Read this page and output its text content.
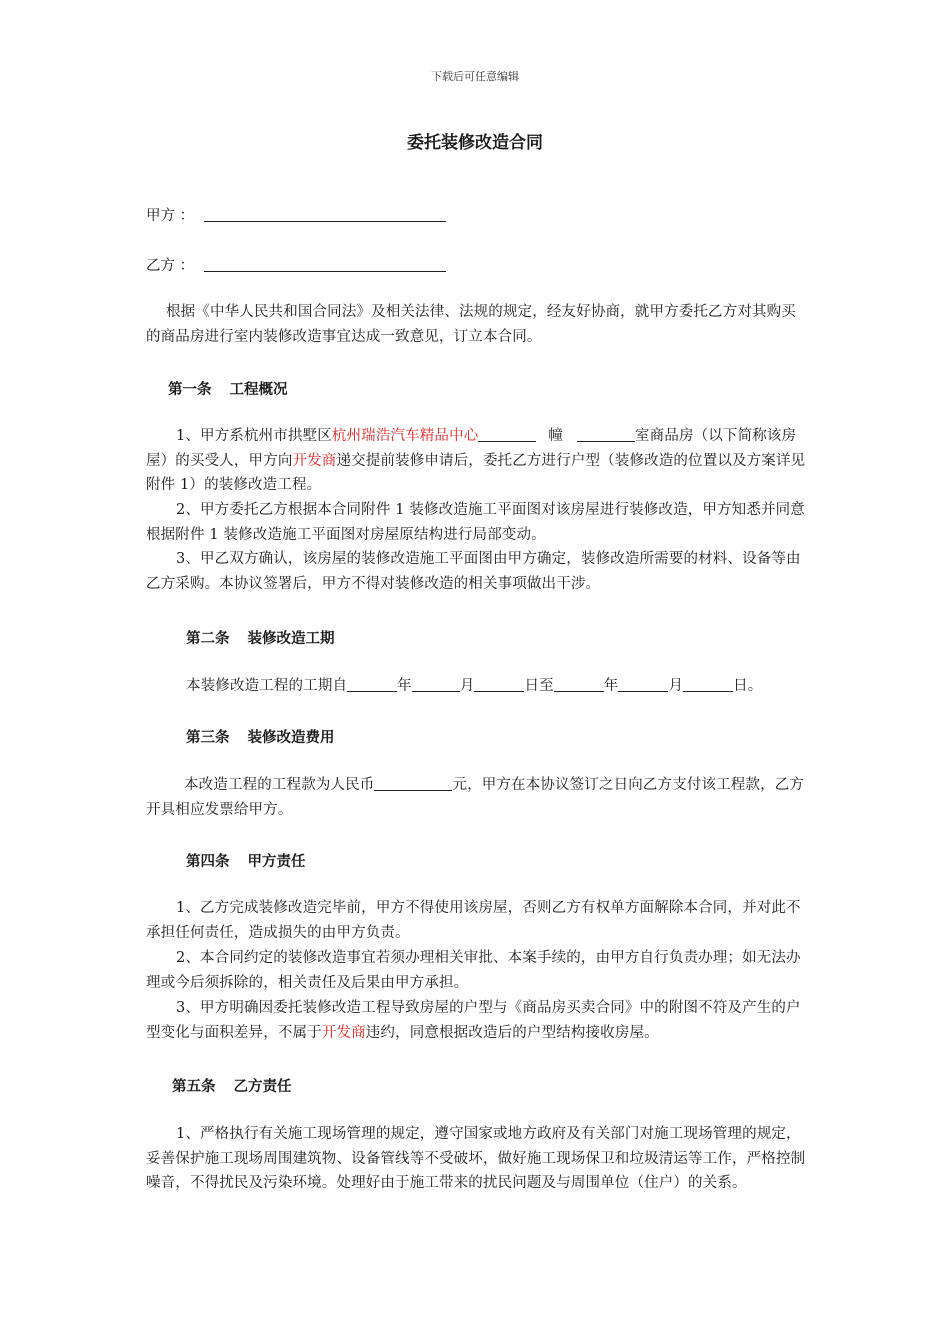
下载后可任意编辑
委托装修改造合同
甲方 ：
乙方 ：
根据《中华人民共和国合同法》及相关法律、法规的规定，经友好协商，就甲方委托乙方对其购买的商品房进行室内装修改造事宜达成一致意见，订立本合同。
第一条 工程概况
1、甲方系杭州市拱墅区杭州瑞浩汽车精品中心	幢	室商品房（以下简称该房屋）的买受人，甲方向开发商递交提前装修申请后，委托乙方进行户型（装修改造的位置以及方案详见附件 1）的装修改造工程。
2、甲方委托乙方根据本合同附件 1 装修改造施工平面图对该房屋进行装修改造，甲方知悉并同意根据附件 1 装修改造施工平面图对房屋原结构进行局部变动。
3、甲乙双方确认，该房屋的装修改造施工平面图由甲方确定，装修改造所需要的材料、设备等由乙方采购。本协议签署后，甲方不得对装修改造的相关事项做出干涉。
第二条 装修改造工期
本装修改造工程的工期自	年	月	日至	年	月	日。
第三条 装修改造费用
本改造工程的工程款为人民币	元，甲方在本协议签订之日向乙方支付该工程款，乙方开具相应发票给甲方。
第四条 甲方责任
1、乙方完成装修改造完毕前，甲方不得使用该房屋，否则乙方有权单方面解除本合同，并对此不承担任何责任，造成损失的由甲方负责。
2、本合同约定的装修改造事宜若须办理相关审批、本案手续的，由甲方自行负责办理；如无法办理或今后须拆除的，相关责任及后果由甲方承担。
3、甲方明确因委托装修改造工程导致房屋的户型与《商品房买卖合同》中的附图不符及产生的户型变化与面积差异，不属于开发商违约，同意根据改造后的户型结构接收房屋。
第五条 乙方责任
1、严格执行有关施工现场管理的规定，遵守国家或地方政府及有关部门对施工现场管理的规定，妥善保护施工现场周围建筑物、设备管线等不受破坏，做好施工现场保卫和垃圾清运等工作，严格控制噪音，不得扰民及污染环境。处理好由于施工带来的扰民问题及与周围单位（住户）的关系。
